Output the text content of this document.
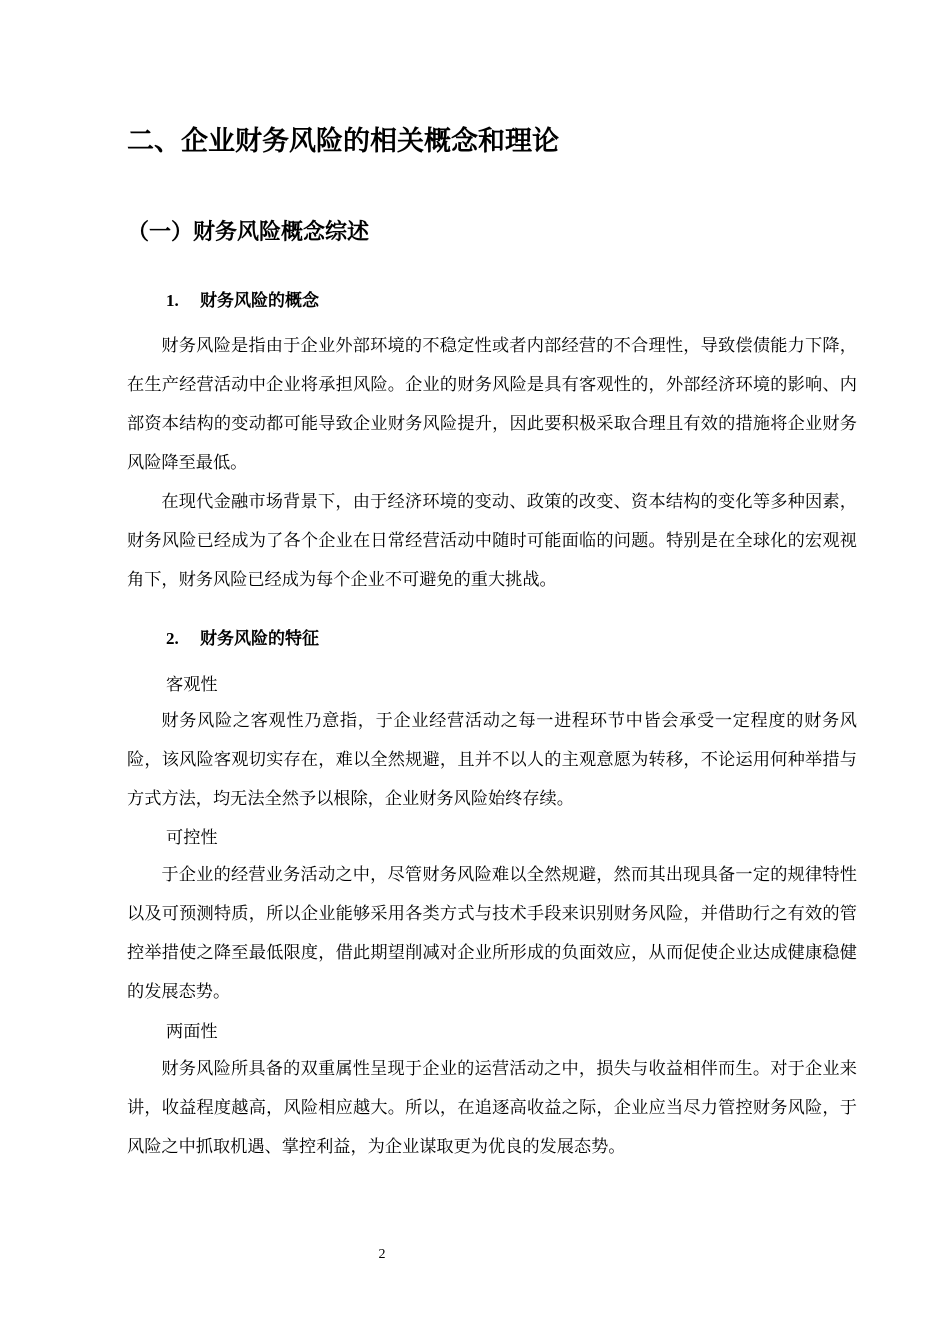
二、企业财务风险的相关概念和理论
（一）财务风险概念综述
1. 财务风险的概念

财务风险是指由于企业外部环境的不稳定性或者内部经营的不合理性，导致偿债能力下降，在生产经营活动中企业将承担风险。企业的财务风险是具有客观性的，外部经济环境的影响、内部资本结构的变动都可能导致企业财务风险提升，因此要积极采取合理且有效的措施将企业财务风险降至最低。

在现代金融市场背景下，由于经济环境的变动、政策的改变、资本结构的变化等多种因素，财务风险已经成为了各个企业在日常经营活动中随时可能面临的问题。特别是在全球化的宏观视角下，财务风险已经成为每个企业不可避免的重大挑战。

2. 财务风险的特征
客观性

财务风险之客观性乃意指，于企业经营活动之每一进程环节中皆会承受一定程度的财务风险，该风险客观切实存在，难以全然规避，且并不以人的主观意愿为转移，不论运用何种举措与方式方法，均无法全然予以根除，企业财务风险始终存续。

可控性

于企业的经营业务活动之中，尽管财务风险难以全然规避，然而其出现具备一定的规律特性以及可预测特质，所以企业能够采用各类方式与技术手段来识别财务风险，并借助行之有效的管控举措使之降至最低限度，借此期望削减对企业所形成的负面效应，从而促使企业达成健康稳健的发展态势。

两面性

财务风险所具备的双重属性呈现于企业的运营活动之中，损失与收益相伴而生。对于企业来讲，收益程度越高，风险相应越大。所以，在追逐高收益之际，企业应当尽力管控财务风险，于风险之中抓取机遇、掌控利益，为企业谋取更为优良的发展态势。

2
